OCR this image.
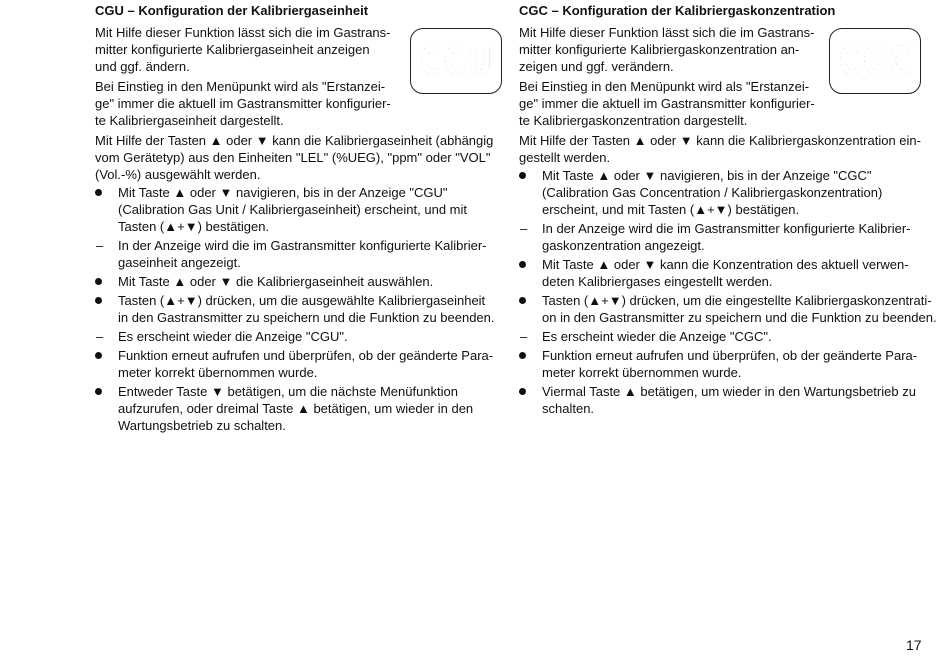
CGU – Konfiguration der Kalibriergaseinheit
CGU
Mit Hilfe dieser Funktion lässt sich die im Gastrans-
mitter konfigurierte Kalibriergaseinheit anzeigen
und ggf. ändern.
Bei Einstieg in den Menüpunkt wird als "Erstanzei-
ge" immer die aktuell im Gastransmitter konfigurier-
te Kalibriergaseinheit dargestellt.
Mit Hilfe der Tasten ▲ oder ▼ kann die Kalibriergaseinheit (abhängig
vom Gerätetyp) aus den Einheiten "LEL" (%UEG), "ppm" oder "VOL"
(Vol.-%) ausgewählt werden.
Mit Taste ▲ oder ▼ navigieren, bis in der Anzeige "CGU"
(Calibration Gas Unit / Kalibriergaseinheit) erscheint, und mit
Tasten (▲+▼) bestätigen.
– In der Anzeige wird die im Gastransmitter konfigurierte Kalibrier-
gaseinheit angezeigt.
Mit Taste ▲ oder ▼ die Kalibriergaseinheit auswählen.
Tasten (▲+▼) drücken, um die ausgewählte Kalibriergaseinheit
in den Gastransmitter zu speichern und die Funktion zu beenden.
– Es erscheint wieder die Anzeige "CGU".
Funktion erneut aufrufen und überprüfen, ob der geänderte Para-
meter korrekt übernommen wurde.
Entweder Taste ▼ betätigen, um die nächste Menüfunktion
aufzurufen, oder dreimal Taste ▲ betätigen, um wieder in den
Wartungsbetrieb zu schalten.
CGC – Konfiguration der Kalibriergaskonzentration
CGC
Mit Hilfe dieser Funktion lässt sich die im Gastrans-
mitter konfigurierte Kalibriergaskonzentration an-
zeigen und ggf. verändern.
Bei Einstieg in den Menüpunkt wird als "Erstanzei-
ge" immer die aktuell im Gastransmitter konfigurier-
te Kalibriergaskonzentration dargestellt.
Mit Hilfe der Tasten ▲ oder ▼ kann die Kalibriergaskonzentration ein-
gestellt werden.
Mit Taste ▲ oder ▼ navigieren, bis in der Anzeige "CGC"
(Calibration Gas Concentration / Kalibriergaskonzentration)
erscheint, und mit Tasten (▲+▼) bestätigen.
– In der Anzeige wird die im Gastransmitter konfigurierte Kalibrier-
gaskonzentration angezeigt.
Mit Taste ▲ oder ▼ kann die Konzentration des aktuell verwen-
deten Kalibriergases eingestellt werden.
Tasten (▲+▼) drücken, um die eingestellte Kalibriergaskonzentrati-
on in den Gastransmitter zu speichern und die Funktion zu beenden.
– Es erscheint wieder die Anzeige "CGC".
Funktion erneut aufrufen und überprüfen, ob der geänderte Para-
meter korrekt übernommen wurde.
Viermal Taste ▲ betätigen, um wieder in den Wartungsbetrieb zu
schalten.
17
